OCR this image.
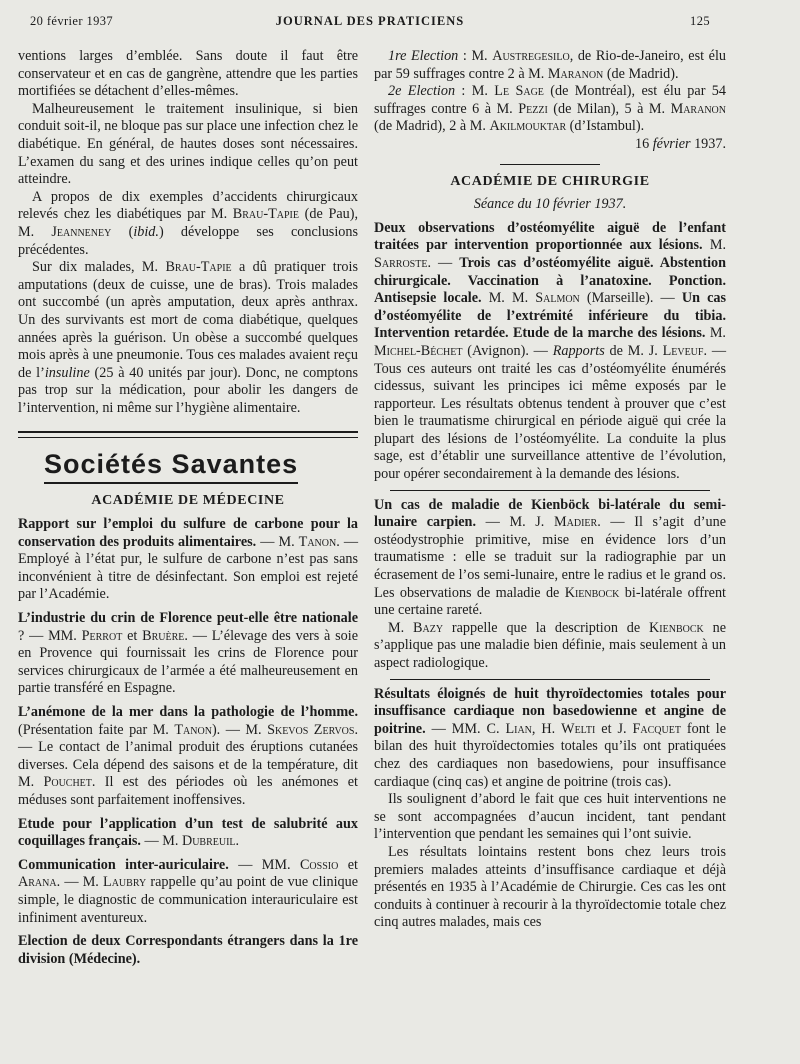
20 février 1937	JOURNAL DES PRATICIENS	125

ventions larges d’emblée. Sans doute il faut être conservateur et en cas de gangrène, attendre que les parties mortifiées se détachent d’elles-mêmes.

Malheureusement le traitement insulinique, si bien conduit soit-il, ne bloque pas sur place une infection chez le diabétique. En général, de hautes doses sont nécessaires. L’examen du sang et des urines indique celles qu’on peut atteindre.

A propos de dix exemples d’accidents chirurgicaux relevés chez les diabétiques par M. Brau-Tapie (de Pau), M. Jeanneney (ibid.) développe ses conclusions précédentes.

Sur dix malades, M. Brau-Tapie a dû pratiquer trois amputations (deux de cuisse, une de bras). Trois malades ont succombé (un après amputation, deux après anthrax. Un des survivants est mort de coma diabétique, quelques années après la guérison. Un obèse a succombé quelques mois après à une pneumonie. Tous ces malades avaient reçu de l’insuline (25 à 40 unités par jour). Donc, ne comptons pas trop sur la médication, pour abolir les dangers de l’intervention, ni même sur l’hygiène alimentaire.

Sociétés Savantes
ACADÉMIE DE MÉDECINE

Rapport sur l’emploi du sulfure de carbone pour la conservation des produits alimentaires. — M. Tanon. — Employé à l’état pur, le sulfure de carbone n’est pas sans inconvénient à titre de désinfectant. Son emploi est rejeté par l’Académie.

L’industrie du crin de Florence peut-elle être nationale ? — MM. Perrot et Bruère. — L’élevage des vers à soie en Provence qui fournissait les crins de Florence pour services chirurgicaux de l’armée a été malheureusement en partie transféré en Espagne.

L’anémone de la mer dans la pathologie de l’homme. (Présentation faite par M. Tanon). — M. Skevos Zervos. — Le contact de l’animal produit des éruptions cutanées diverses. Cela dépend des saisons et de la température, dit M. Pouchet. Il est des périodes où les anémones et méduses sont parfaitement inoffensives.

Etude pour l’application d’un test de salubrité aux coquillages français. — M. Dubreuil.

Communication inter-auriculaire. — MM. Cossio et Arana. — M. Laubry rappelle qu’au point de vue clinique simple, le diagnostic de communication interauriculaire est infiniment aventureux.

Election de deux Correspondants étrangers dans la 1re division (Médecine).

1re Election : M. Austregesilo, de Rio-de-Janeiro, est élu par 59 suffrages contre 2 à M. Maranon (de Madrid).

2e Election : M. Le Sage (de Montréal), est élu par 54 suffrages contre 6 à M. Pezzi (de Milan), 5 à M. Maranon (de Madrid), 2 à M. Akilmouktar (d’Istambul).

16 février 1937.

ACADÉMIE DE CHIRURGIE
Séance du 10 février 1937.

Deux observations d’ostéomyélite aiguë de l’enfant traitées par intervention proportionnée aux lésions. M. Sarroste. — Trois cas d’ostéomyélite aiguë. Abstention chirurgicale. Vaccination à l’anatoxine. Ponction. Antisepsie locale. M. M. Salmon (Marseille). — Un cas d’ostéomyélite de l’extrémité inférieure du tibia. Intervention retardée. Etude de la marche des lésions. M. Michel-Béchet (Avignon). — Rapports de M. J. Leveuf. — Tous ces auteurs ont traité les cas d’ostéomyélite énumérés cidessus, suivant les principes ici même exposés par le rapporteur. Les résultats obtenus tendent à prouver que c’est bien le traumatisme chirurgical en période aiguë qui crée la plupart des lésions de l’ostéomyélite. La conduite la plus sage, est d’établir une surveillance attentive de l’évolution, pour opérer secondairement à la demande des lésions.

Un cas de maladie de Kienböck bi-latérale du semi-lunaire carpien. — M. J. Madier. — Il s’agit d’une ostéodystrophie primitive, mise en évidence lors d’un traumatisme : elle se traduit sur la radiographie par un écrasement de l’os semi-lunaire, entre le radius et le grand os. Les observations de maladie de Kienbock bi-latérale offrent une certaine rareté.

M. Bazy rappelle que la description de Kienbock ne s’applique pas une maladie bien définie, mais seulement à un aspect radiologique.

Résultats éloignés de huit thyroïdectomies totales pour insuffisance cardiaque non basedowienne et angine de poitrine. — MM. C. Lian, H. Welti et J. Facquet font le bilan des huit thyroïdectomies totales qu’ils ont pratiquées chez des cardiaques non basedowiens, pour insuffisance cardiaque (cinq cas) et angine de poitrine (trois cas).

Ils soulignent d’abord le fait que ces huit interventions ne se sont accompagnées d’aucun incident, tant pendant l’intervention que pendant les semaines qui l’ont suivie.

Les résultats lointains restent bons chez leurs trois premiers malades atteints d’insuffisance cardiaque et déjà présentés en 1935 à l’Académie de Chirurgie. Ces cas les ont conduits à continuer à recourir à la thyroïdectomie totale chez cinq autres malades, mais ces
